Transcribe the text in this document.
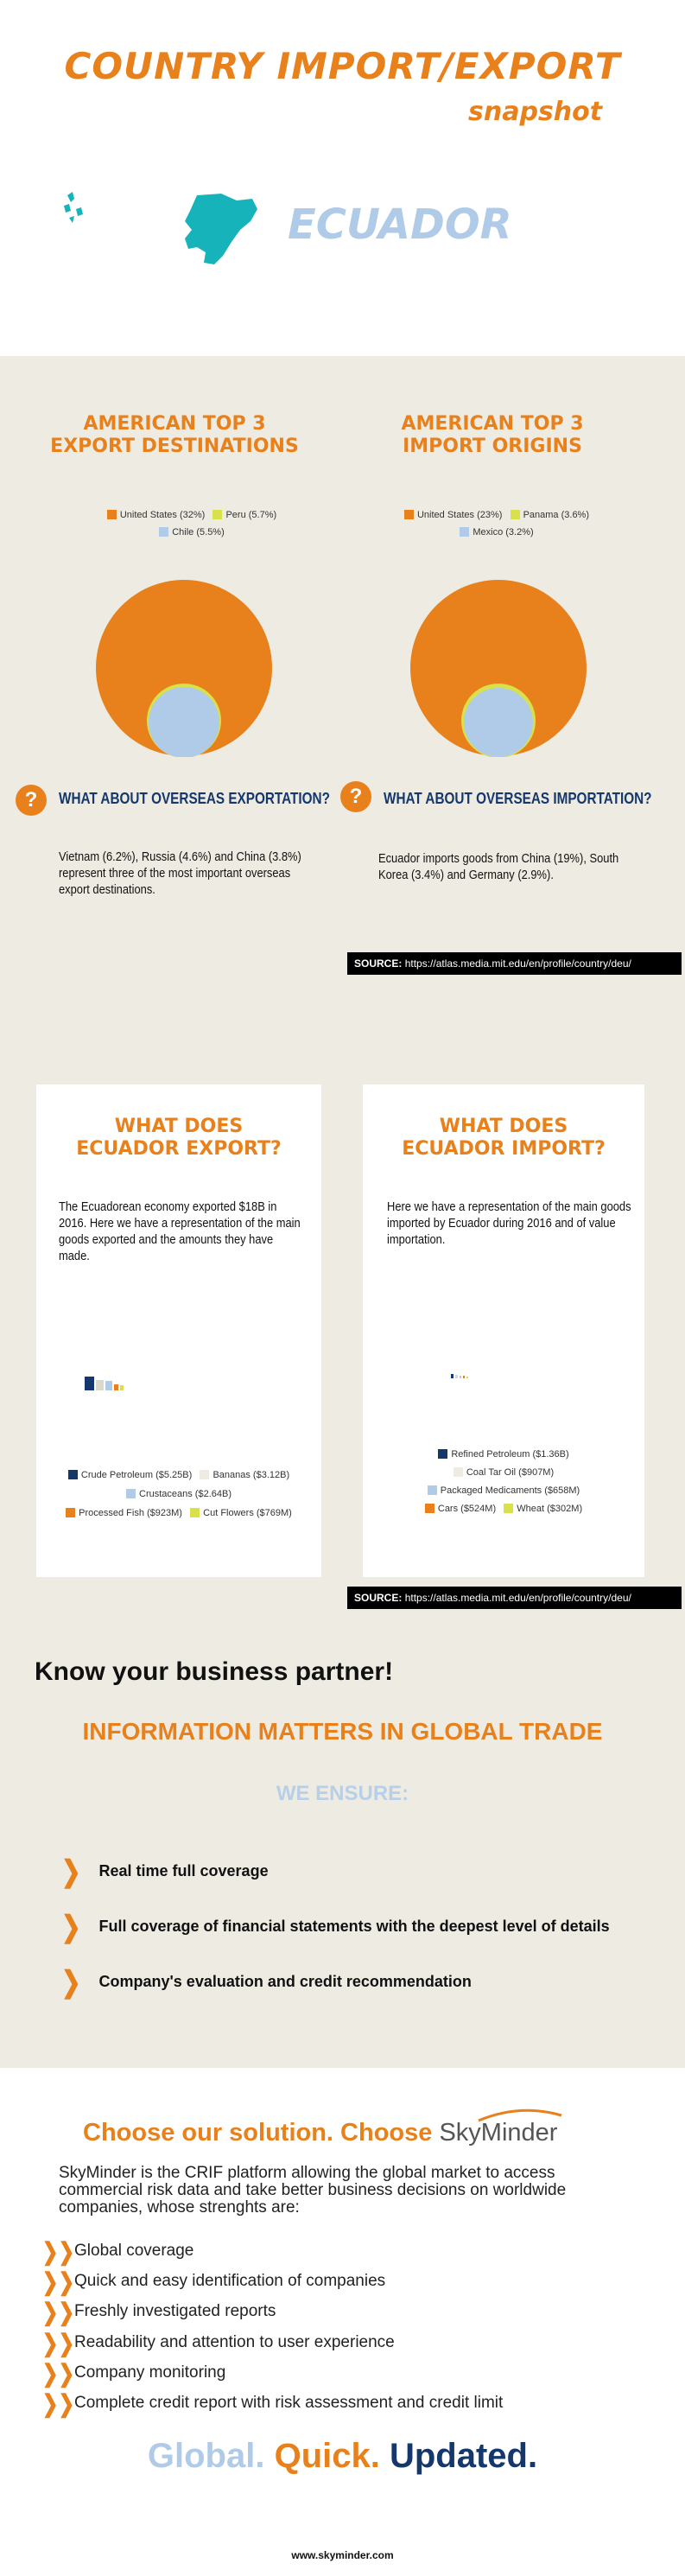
COUNTRY IMPORT/EXPORT
snapshot
ECUADOR
AMERICAN TOP 3
EXPORT DESTINATIONS
United States (32%) Peru (5.7%)
Chile (5.5%)
AMERICAN TOP 3
IMPORT ORIGINS
United States (23%) Panama (3.6%)
Mexico (3.2%)
?	WHAT ABOUT OVERSEAS EXPORTATION?
Vietnam (6.2%), Russia (4.6%) and China (3.8%) represent three of the most important overseas export destinations.
?	WHAT ABOUT OVERSEAS IMPORTATION?
Ecuador imports goods from China (19%), South Korea (3.4%) and Germany (2.9%).
SOURCE: https://atlas.media.mit.edu/en/profile/country/deu/
WHAT DOES
ECUADOR EXPORT?
The Ecuadorean economy exported $18B in 2016. Here we have a representation of the main goods exported and the amounts they have made.
Crude Petroleum ($5.25B) Bananas ($3.12B)
Crustaceans ($2.64B)
Processed Fish ($923M) Cut Flowers ($769M)
WHAT DOES
ECUADOR IMPORT?
Here we have a representation of the main goods imported by Ecuador during 2016 and of value importation.
Refined Petroleum ($1.36B)
Coal Tar Oil ($907M)
Packaged Medicaments ($658M)
Cars ($524M) Wheat ($302M)
SOURCE: https://atlas.media.mit.edu/en/profile/country/deu/
Know your business partner!
INFORMATION MATTERS IN GLOBAL TRADE
WE ENSURE:
❯ Real time full coverage
❯ Full coverage of financial statements with the deepest level of details
❯ Company's evaluation and credit recommendation
Choose our solution. Choose SkyMinder
SkyMinder is the CRIF platform allowing the global market to access commercial risk data and take better business decisions on worldwide companies, whose strenghts are:
❯❯ Global coverage
❯❯ Quick and easy identification of companies
❯❯ Freshly investigated reports
❯❯ Readability and attention to user experience
❯❯ Company monitoring
❯❯ Complete credit report with risk assessment and credit limit
Global. Quick. Updated.
www.skyminder.com
